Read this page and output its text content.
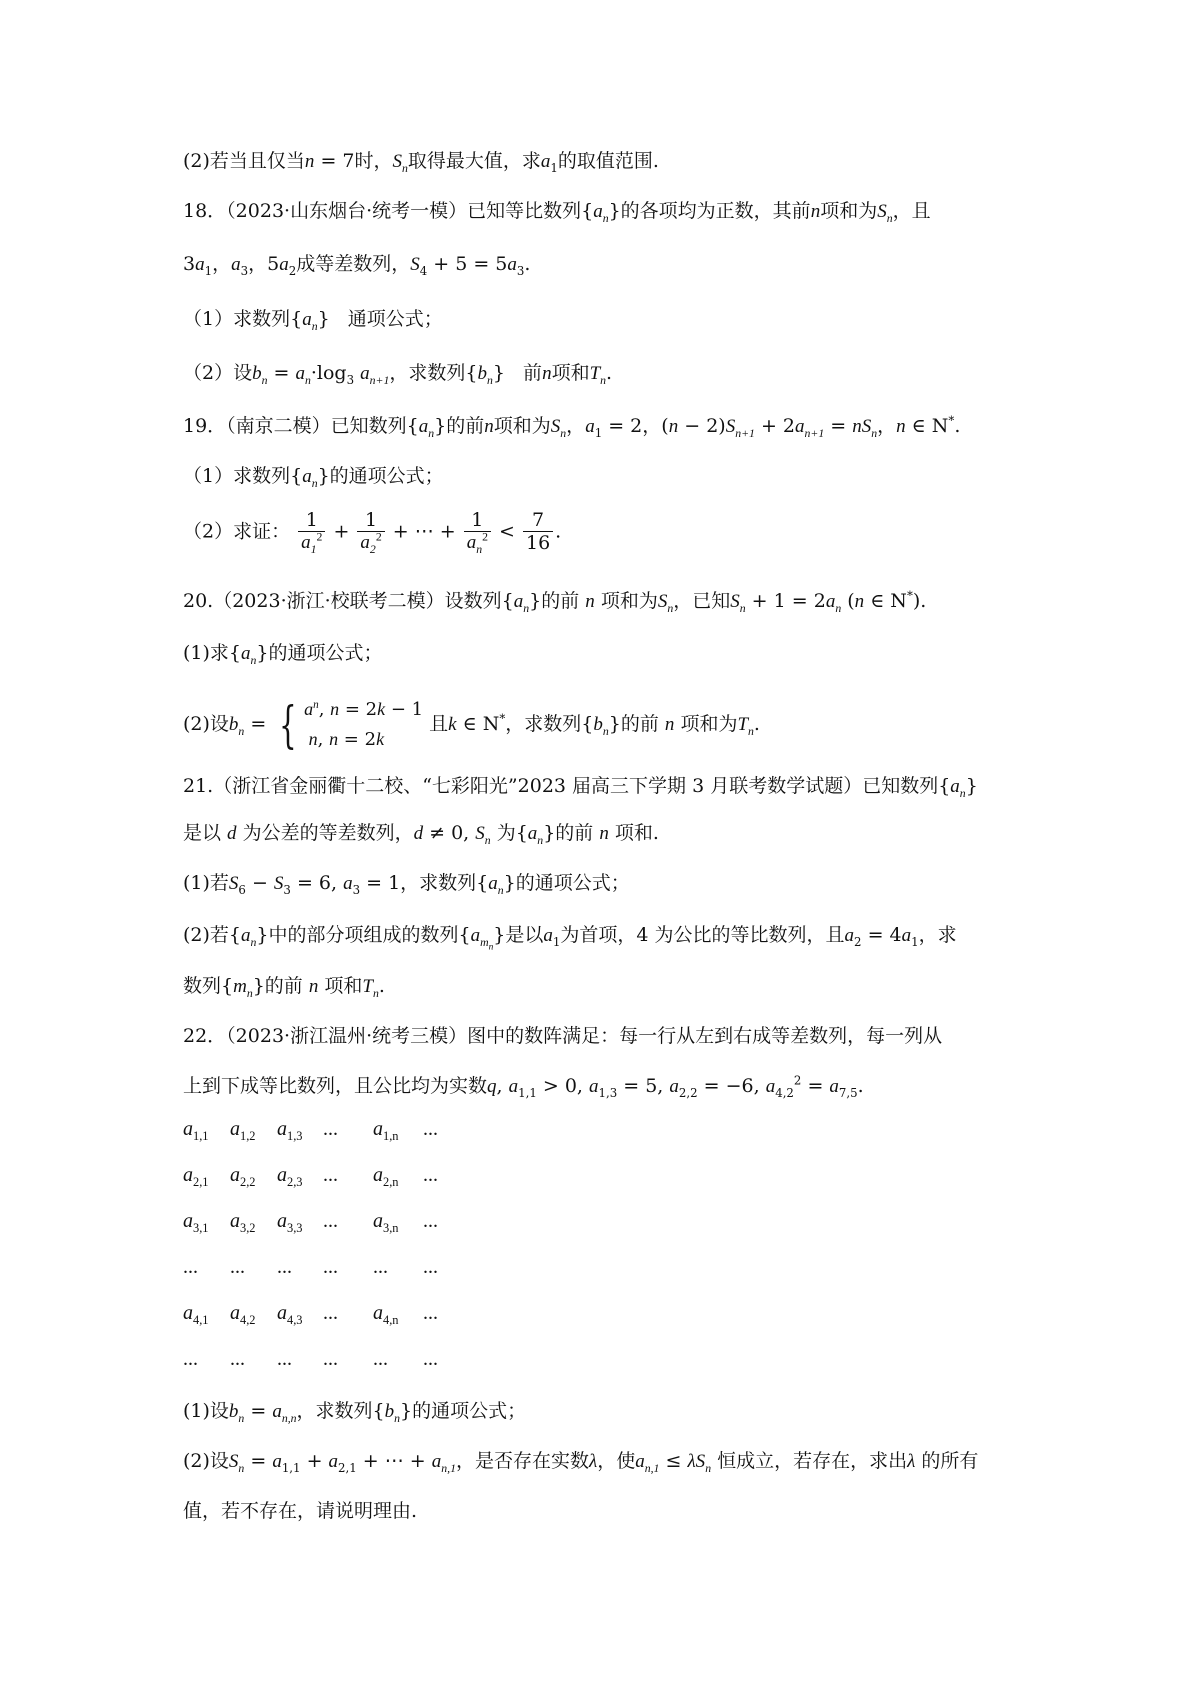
(2)若当且仅当n = 7时，$S_n$取得最大值，求$a_1$的取值范围.
18．（2023·山东烟台·统考一模）已知等比数列$\{a_n\}$的各项均为正数，其前n项和为$S_n$，且
$3a_1$，$a_3$，$5a_2$成等差数列，$S_4 + 5 = 5a_3$.
（1）求数列$\{a_n\}$   通项公式；
（2）设$b_n = a_n\cdot\log_3$ $a_{n+1}$，求数列$\{b_n\}$   前n项和$T_n$.
19．（南京二模）已知数列$\{a_n\}$的前n项和为$S_n$，$a_1 = 2$，$(n - 2)S_{n+1} + 2a_{n+1} = nS_n$，n ∈ N*.
（1）求数列$\{a_n\}$的通项公式；
（2）求证： $\frac{1}{a_1^2} + \frac{1}{a_2^2}$ + ⋯ + $\frac{1}{a_n^2} < \frac{7}{16}$ .
20.（2023·浙江·校联考二模）设数列$\{a_n\}$的前 n 项和为$S_n$，已知$S_n + 1 = 2a_n$ (n ∈ N*).
(1)求$\{a_n\}$的通项公式；
(2)设$b_n$ = { $a^n$, n = 2k − 1
n, n = 2k 且k ∈ N*，求数列$\{b_n\}$的前 n 项和为$T_n$.
21.（浙江省金丽衢十二校、“七彩阳光”2023 届高三下学期 3 月联考数学试题）已知数列$\{a_n\}$
是以 d 为公差的等差数列，d ≠ 0, $S_n$ 为$\{a_n\}$的前 n 项和.
(1)若$S_6 - S_3 = 6$, $a_3 = 1$，求数列$\{a_n\}$的通项公式；
(2)若$\{a_n\}$中的部分项组成的数列$\{a_{m_n}\}$是以$a_1$为首项，4 为公比的等比数列，且$a_2 = 4a_1$，求
数列$\{m_n\}$的前 n 项和$T_n$.
22．（2023·浙江温州·统考三模）图中的数阵满足：每一行从左到右成等差数列，每一列从
上到下成等比数列，且公比均为实数q, $a_{1,1} > 0$, $a_{1,3} = 5$, $a_{2,2} = -6$, $a_{4,2}^2 = a_{7,5}$.
$a_{1,1}$ $a_{1,2}$ $a_{1,3}$ ... $a_{1,n}$ ...
$a_{2,1}$ $a_{2,2}$ $a_{2,3}$ ... $a_{2,n}$ ...
$a_{3,1}$ $a_{3,2}$ $a_{3,3}$ ... $a_{3,n}$ ...
... ... ... ... ... ...
$a_{4,1}$ $a_{4,2}$ $a_{4,3}$ ... $a_{4,n}$ ...
... ... ... ... ... ...
(1)设$b_n = a_{n,n}$，求数列$\{b_n\}$的通项公式；
(2)设$S_n = a_{1,1} + a_{2,1}$ + ⋯ + $a_{n,1}$，是否存在实数λ，使$a_{n,1} \le \lambda S_n$ 恒成立，若存在，求出λ 的所有
值，若不存在，请说明理由.
